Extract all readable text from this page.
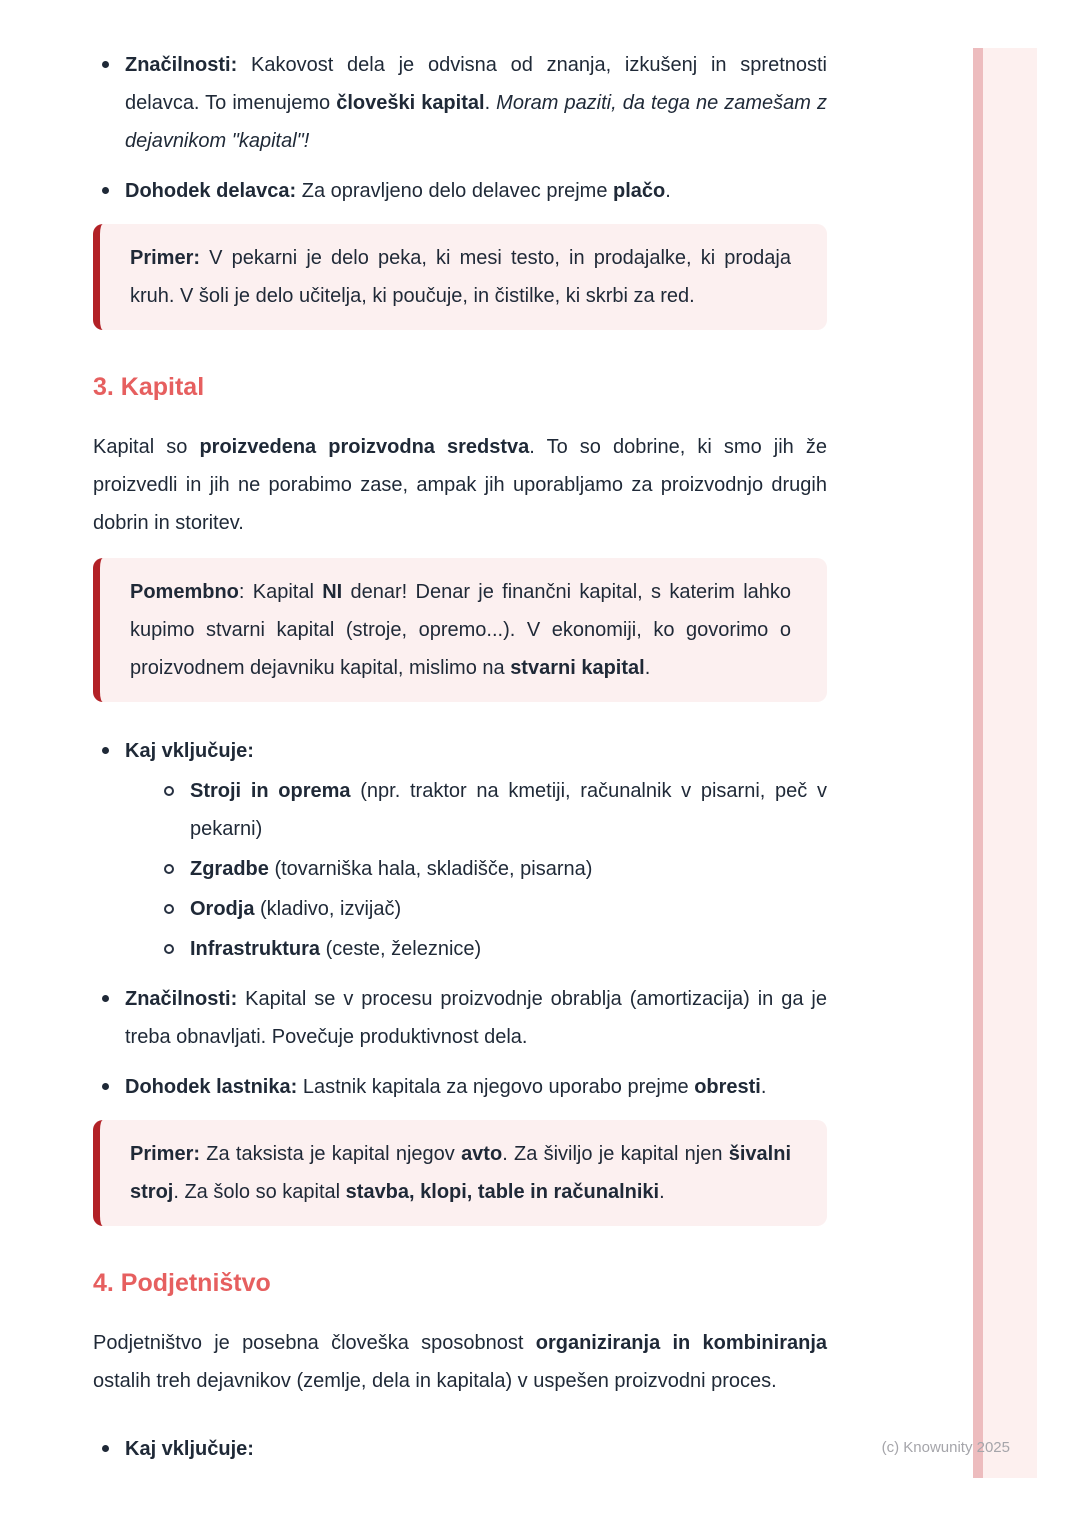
Značilnosti: Kakovost dela je odvisna od znanja, izkušenj in spretnosti delavca. To imenujemo človeški kapital. Moram paziti, da tega ne zamešam z dejavnikom "kapital"!
Dohodek delavca: Za opravljeno delo delavec prejme plačo.
Primer: V pekarni je delo peka, ki mesi testo, in prodajalke, ki prodaja kruh. V šoli je delo učitelja, ki poučuje, in čistilke, ki skrbi za red.
3. Kapital

Kapital so proizvedena proizvodna sredstva. To so dobrine, ki smo jih že proizvedli in jih ne porabimo zase, ampak jih uporabljamo za proizvodnjo drugih dobrin in storitev.

Pomembno: Kapital NI denar! Denar je finančni kapital, s katerim lahko kupimo stvarni kapital (stroje, opremo...). V ekonomiji, ko govorimo o proizvodnem dejavniku kapital, mislimo na stvarni kapital.
Kaj vključuje:
Stroji in oprema (npr. traktor na kmetiji, računalnik v pisarni, peč v pekarni)
Zgradbe (tovarniška hala, skladišče, pisarna)
Orodja (kladivo, izvijač)
Infrastruktura (ceste, železnice)
Značilnosti: Kapital se v procesu proizvodnje obrablja (amortizacija) in ga je treba obnavljati. Povečuje produktivnost dela.
Dohodek lastnika: Lastnik kapitala za njegovo uporabo prejme obresti.
Primer: Za taksista je kapital njegov avto. Za šiviljo je kapital njen šivalni stroj. Za šolo so kapital stavba, klopi, table in računalniki.
4. Podjetništvo

Podjetništvo je posebna človeška sposobnost organiziranja in kombiniranja ostalih treh dejavnikov (zemlje, dela in kapitala) v uspešen proizvodni proces.

Kaj vključuje:	(c) Knowunity 2025
